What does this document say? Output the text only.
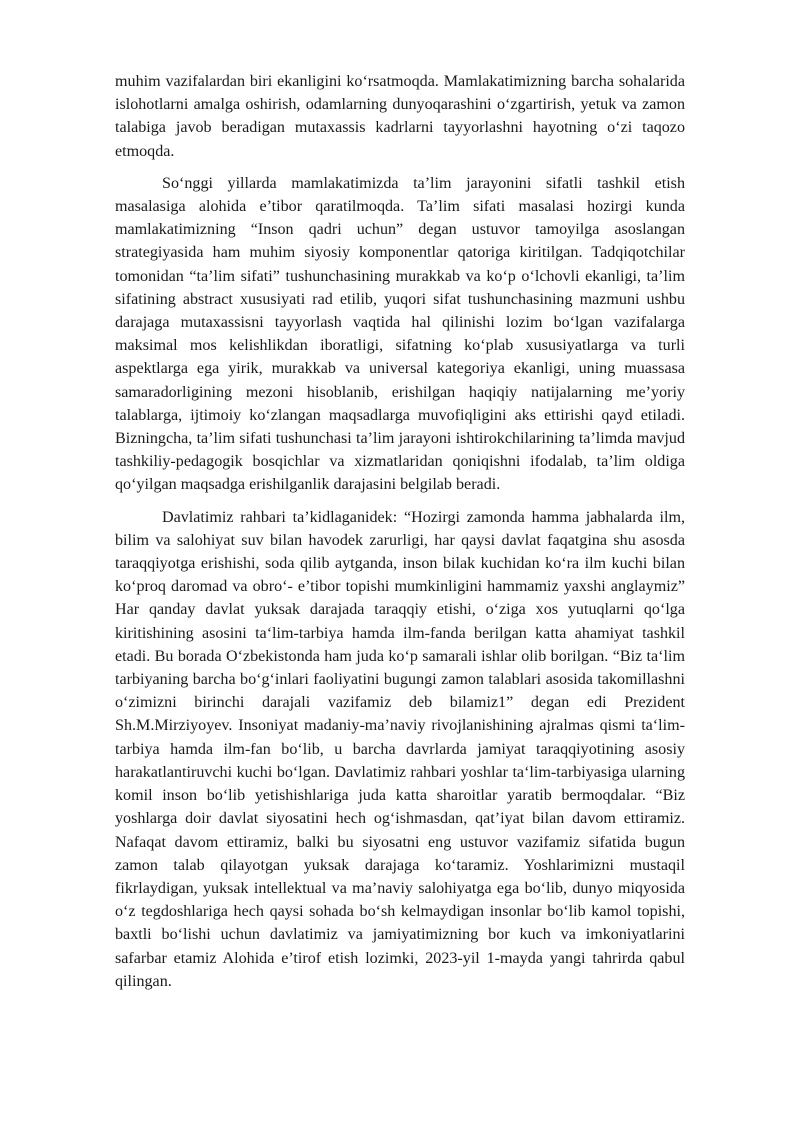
muhim vazifalardan biri ekanligini ko‘rsatmoqda. Mamlakatimizning barcha sohalarida islohotlarni amalga oshirish, odamlarning dunyoqarashini o‘zgartirish, yetuk va zamon talabiga javob beradigan mutaxassis kadrlarni tayyorlashni hayotning o‘zi taqozo etmoqda.

So‘nggi yillarda mamlakatimizda ta’lim jarayonini sifatli tashkil etish masalasiga alohida e’tibor qaratilmoqda. Ta’lim sifati masalasi hozirgi kunda mamlakatimizning “Inson qadri uchun” degan ustuvor tamoyilga asoslangan strategiyasida ham muhim siyosiy komponentlar qatoriga kiritilgan. Tadqiqotchilar tomonidan “ta’lim sifati” tushunchasining murakkab va ko‘p o‘lchovli ekanligi, ta’lim sifatining abstract xususiyati rad etilib, yuqori sifat tushunchasining mazmuni ushbu darajaga mutaxassisni tayyorlash vaqtida hal qilinishi lozim bo‘lgan vazifalarga maksimal mos kelishlikdan iboratligi, sifatning ko‘plab xususiyatlarga va turli aspektlarga ega yirik, murakkab va universal kategoriya ekanligi, uning muassasa samaradorligining mezoni hisoblanib, erishilgan haqiqiy natijalarning me’yoriy talablarga, ijtimoiy ko‘zlangan maqsadlarga muvofiqligini aks ettirishi qayd etiladi. Bizningcha, ta’lim sifati tushunchasi ta’lim jarayoni ishtirokchilarining ta’limda mavjud tashkiliy-pedagogik bosqichlar va xizmatlaridan qoniqishni ifodalab, ta’lim oldiga qo‘yilgan maqsadga erishilganlik darajasini belgilab beradi.

Davlatimiz rahbari ta’kidlaganidek: “Hozirgi zamonda hamma jabhalarda ilm, bilim va salohiyat suv bilan havodek zarurligi, har qaysi davlat faqatgina shu asosda taraqqiyotga erishishi, soda qilib aytganda, inson bilak kuchidan ko‘ra ilm kuchi bilan ko‘proq daromad va obro‘- e’tibor topishi mumkinligini hammamiz yaxshi anglaymiz” Har qanday davlat yuksak darajada taraqqiy etishi, o‘ziga xos yutuqlarni qo‘lga kiritishining asosini ta‘lim-tarbiya hamda ilm-fanda berilgan katta ahamiyat tashkil etadi. Bu borada O‘zbekistonda ham juda ko‘p samarali ishlar olib borilgan. “Biz ta‘lim tarbiyaning barcha bo‘g‘inlari faoliyatini bugungi zamon talablari asosida takomillashni o‘zimizni birinchi darajali vazifamiz deb bilamiz1” degan edi Prezident Sh.M.Mirziyoyev. Insoniyat madaniy-ma’naviy rivojlanishining ajralmas qismi ta‘lim-tarbiya hamda ilm-fan bo‘lib, u barcha davrlarda jamiyat taraqqiyotining asosiy harakatlantiruvchi kuchi bo‘lgan. Davlatimiz rahbari yoshlar ta‘lim-tarbiyasiga ularning komil inson bo‘lib yetishishlariga juda katta sharoitlar yaratib bermoqdalar. “Biz yoshlarga doir davlat siyosatini hech og‘ishmasdan, qat’iyat bilan davom ettiramiz. Nafaqat davom ettiramiz, balki bu siyosatni eng ustuvor vazifamiz sifatida bugun zamon talab qilayotgan yuksak darajaga ko‘taramiz. Yoshlarimizni mustaqil fikrlaydigan, yuksak intellektual va ma’naviy salohiyatga ega bo‘lib, dunyo miqyosida o‘z tegdoshlariga hech qaysi sohada bo‘sh kelmaydigan insonlar bo‘lib kamol topishi, baxtli bo‘lishi uchun davlatimiz va jamiyatimizning bor kuch va imkoniyatlarini safarbar etamiz Alohida e’tirof etish lozimki, 2023-yil 1-mayda yangi tahrirda qabul qilingan.
